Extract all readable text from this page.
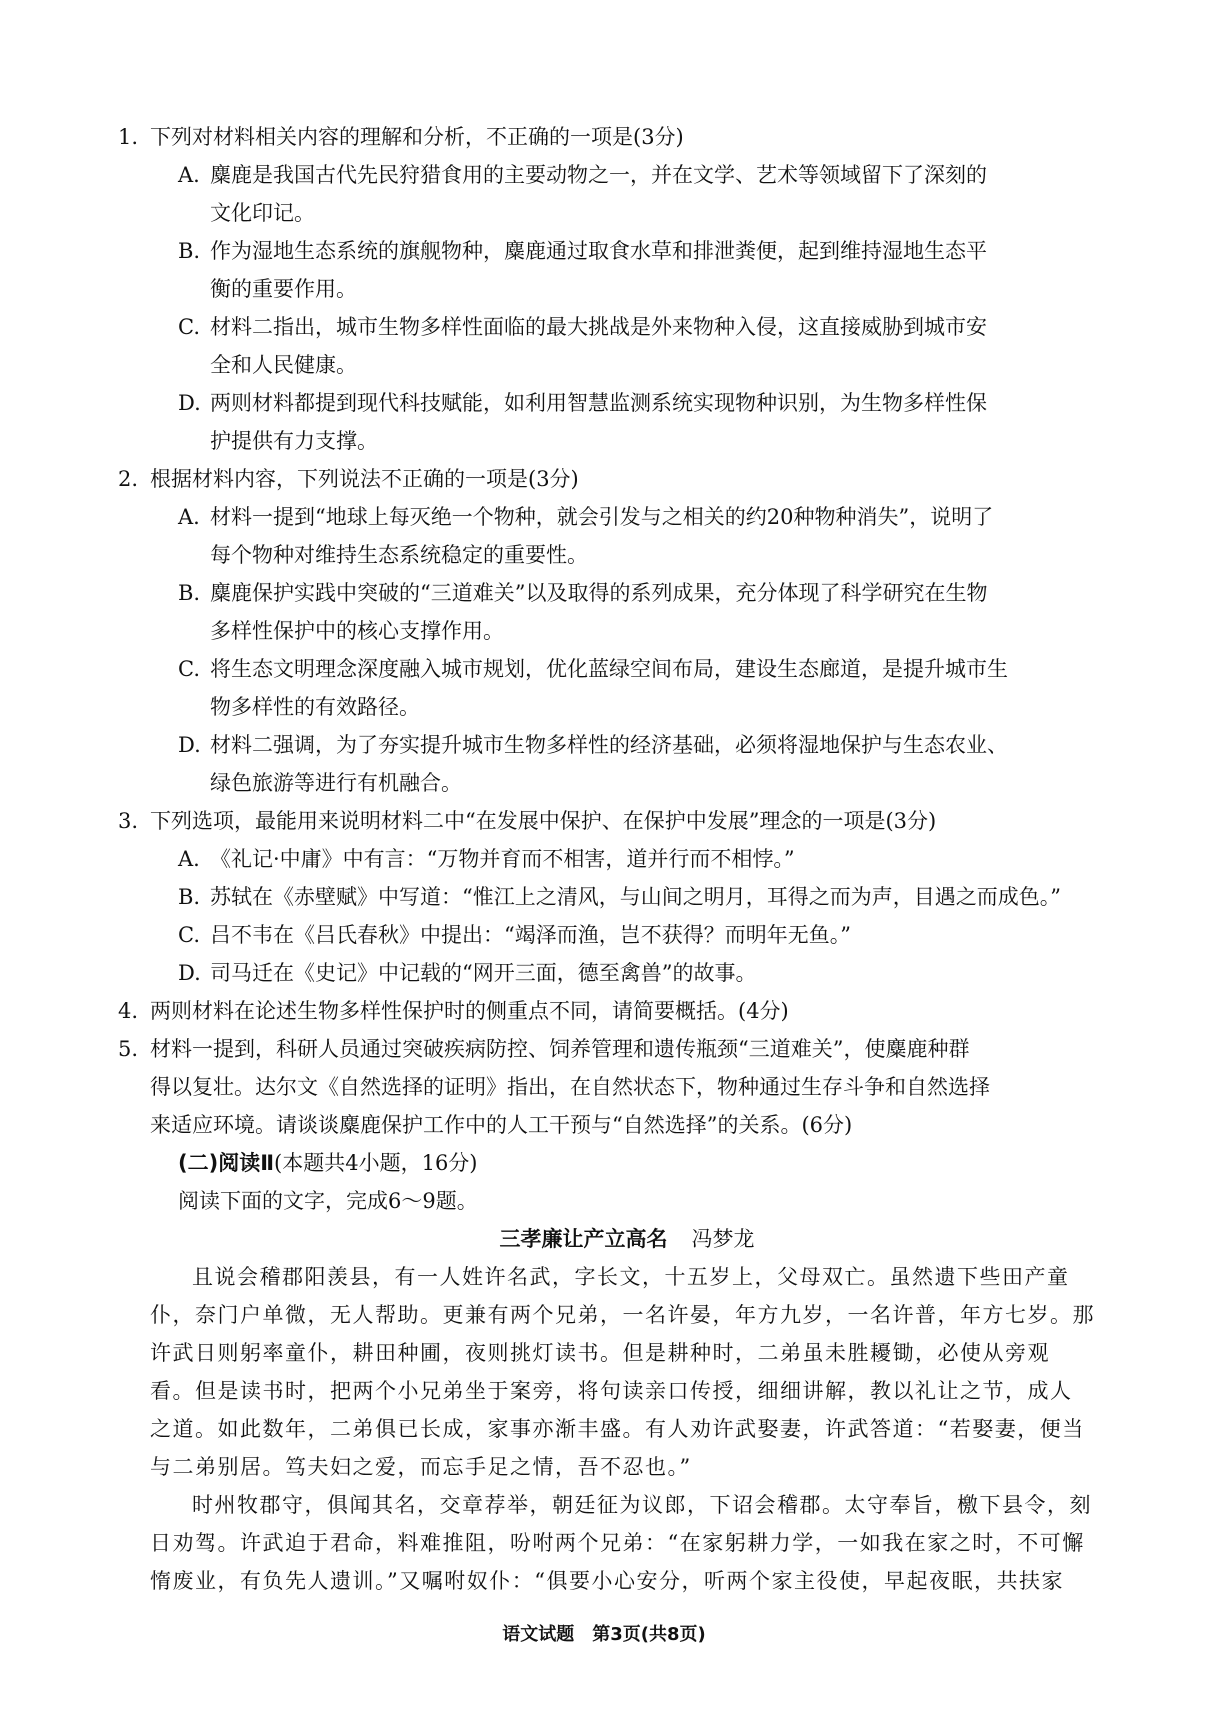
1. 下列对材料相关内容的理解和分析，不正确的一项是(3分)

A. 麋鹿是我国古代先民狩猎食用的主要动物之一，并在文学、艺术等领域留下了深刻的
文化印记。

B. 作为湿地生态系统的旗舰物种，麋鹿通过取食水草和排泄粪便，起到维持湿地生态平
衡的重要作用。

C. 材料二指出，城市生物多样性面临的最大挑战是外来物种入侵，这直接威胁到城市安
全和人民健康。

D. 两则材料都提到现代科技赋能，如利用智慧监测系统实现物种识别，为生物多样性保
护提供有力支撑。

2. 根据材料内容，下列说法不正确的一项是(3分)

A. 材料一提到“地球上每灭绝一个物种，就会引发与之相关的约20种物种消失”，说明了
每个物种对维持生态系统稳定的重要性。

B. 麋鹿保护实践中突破的“三道难关”以及取得的系列成果，充分体现了科学研究在生物
多样性保护中的核心支撑作用。

C. 将生态文明理念深度融入城市规划，优化蓝绿空间布局，建设生态廊道，是提升城市生
物多样性的有效路径。

D. 材料二强调，为了夯实提升城市生物多样性的经济基础，必须将湿地保护与生态农业、
绿色旅游等进行有机融合。

3. 下列选项，最能用来说明材料二中“在发展中保护、在保护中发展”理念的一项是(3分)

A. 《礼记·中庸》中有言：“万物并育而不相害，道并行而不相悖。”

B. 苏轼在《赤壁赋》中写道：“惟江上之清风，与山间之明月，耳得之而为声，目遇之而成色。”

C. 吕不韦在《吕氏春秋》中提出：“竭泽而渔，岂不获得？而明年无鱼。”

D. 司马迁在《史记》中记载的“网开三面，德至禽兽”的故事。

4. 两则材料在论述生物多样性保护时的侧重点不同，请简要概括。(4分)

5. 材料一提到，科研人员通过突破疾病防控、饲养管理和遗传瓶颈“三道难关”，使麋鹿种群

得以复壮。达尔文《自然选择的证明》指出，在自然状态下，物种通过生存斗争和自然选择

来适应环境。请谈谈麋鹿保护工作中的人工干预与“自然选择”的关系。(6分)

(二)阅读Ⅱ(本题共4小题，16分)

阅读下面的文字，完成6～9题。

三孝廉让产立高名 冯梦龙

且说会稽郡阳羡县，有一人姓许名武，字长文，十五岁上，父母双亡。虽然遗下些田产童

仆，奈门户单微，无人帮助。更兼有两个兄弟，一名许晏，年方九岁，一名许普，年方七岁。那

许武日则躬率童仆，耕田种圃，夜则挑灯读书。但是耕种时，二弟虽未胜耰锄，必使从旁观

看。但是读书时，把两个小兄弟坐于案旁，将句读亲口传授，细细讲解，教以礼让之节，成人

之道。如此数年，二弟俱已长成，家事亦渐丰盛。有人劝许武娶妻，许武答道：“若娶妻，便当

与二弟别居。笃夫妇之爱，而忘手足之情，吾不忍也。”

时州牧郡守，俱闻其名，交章荐举，朝廷征为议郎，下诏会稽郡。太守奉旨，檄下县令，刻

日劝驾。许武迫于君命，料难推阻，吩咐两个兄弟：“在家躬耕力学，一如我在家之时，不可懈

惰废业，有负先人遗训。”又嘱咐奴仆：“俱要小心安分，听两个家主役使，早起夜眠，共扶家

语文试题　第3页(共8页)
